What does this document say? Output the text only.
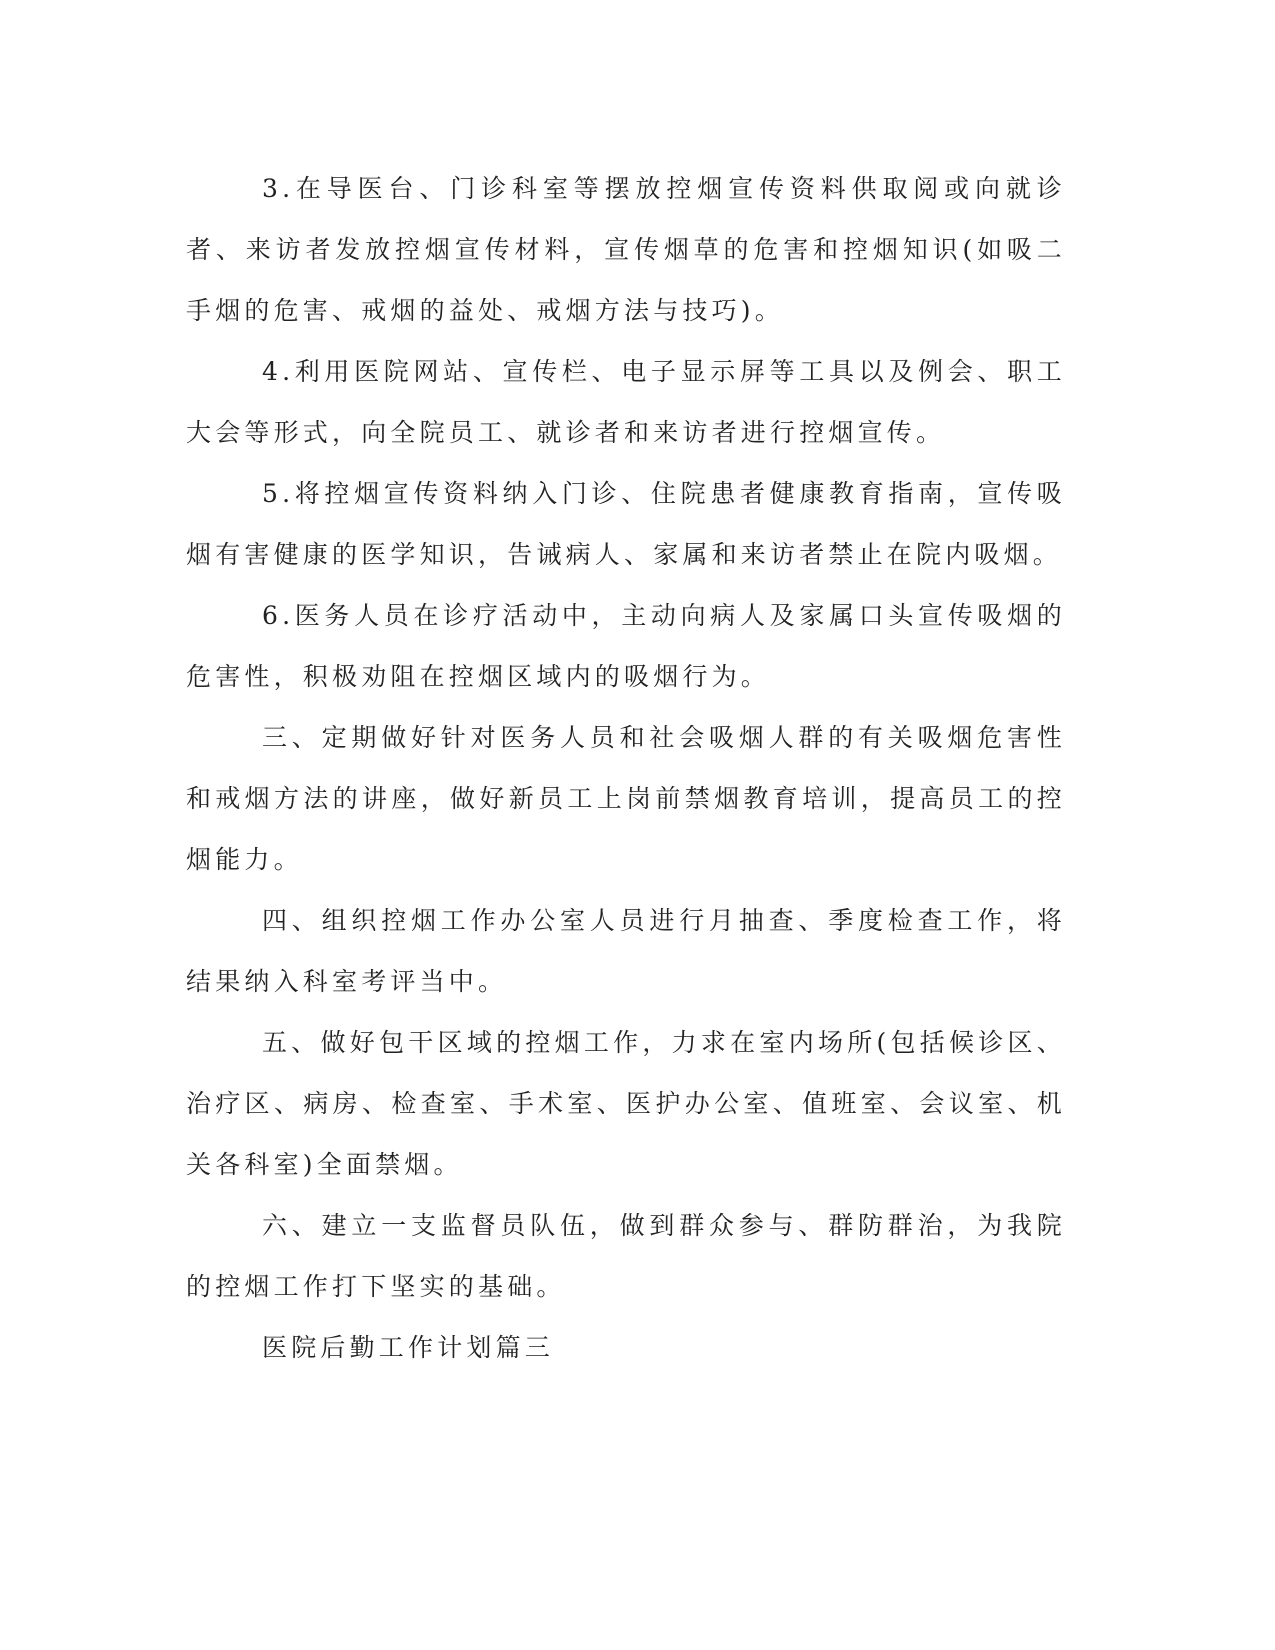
3.在导医台、门诊科室等摆放控烟宣传资料供取阅或向就诊者、来访者发放控烟宣传材料，宣传烟草的危害和控烟知识(如吸二手烟的危害、戒烟的益处、戒烟方法与技巧)。

4.利用医院网站、宣传栏、电子显示屏等工具以及例会、职工大会等形式，向全院员工、就诊者和来访者进行控烟宣传。

5.将控烟宣传资料纳入门诊、住院患者健康教育指南，宣传吸烟有害健康的医学知识，告诫病人、家属和来访者禁止在院内吸烟。

6.医务人员在诊疗活动中，主动向病人及家属口头宣传吸烟的危害性，积极劝阻在控烟区域内的吸烟行为。

三、定期做好针对医务人员和社会吸烟人群的有关吸烟危害性和戒烟方法的讲座，做好新员工上岗前禁烟教育培训，提高员工的控烟能力。

四、组织控烟工作办公室人员进行月抽查、季度检查工作，将结果纳入科室考评当中。

五、做好包干区域的控烟工作，力求在室内场所(包括候诊区、治疗区、病房、检查室、手术室、医护办公室、值班室、会议室、机关各科室)全面禁烟。

六、建立一支监督员队伍，做到群众参与、群防群治，为我院的控烟工作打下坚实的基础。

医院后勤工作计划篇三
